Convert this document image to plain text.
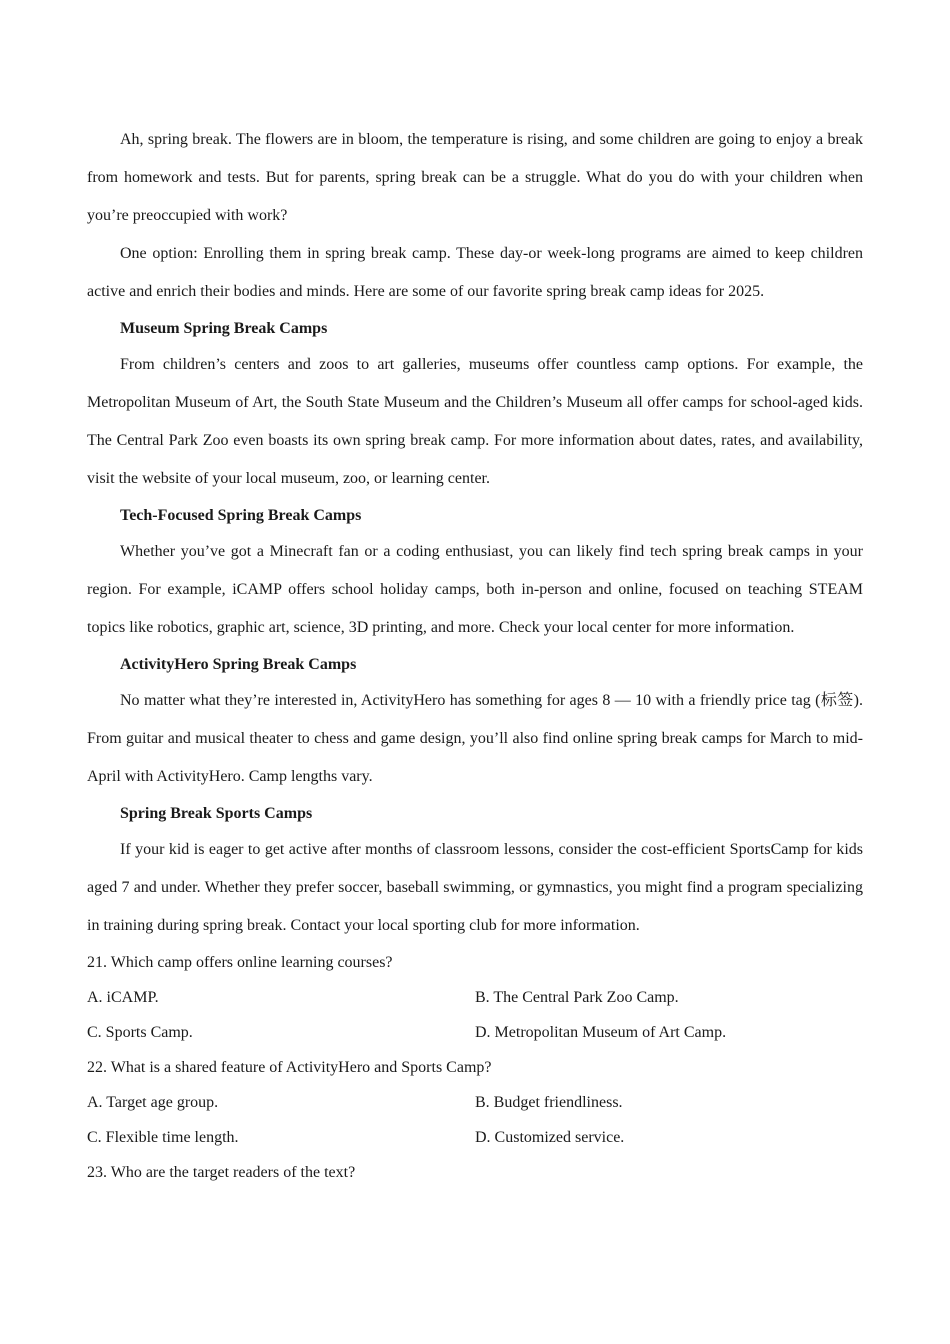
Ah, spring break. The flowers are in bloom, the temperature is rising, and some children are going to enjoy a break from homework and tests. But for parents, spring break can be a struggle. What do you do with your children when you’re preoccupied with work?

One option: Enrolling them in spring break camp. These day-or week-long programs are aimed to keep children active and enrich their bodies and minds. Here are some of our favorite spring break camp ideas for 2025.

Museum Spring Break Camps

From children’s centers and zoos to art galleries, museums offer countless camp options. For example, the Metropolitan Museum of Art, the South State Museum and the Children’s Museum all offer camps for school-aged kids. The Central Park Zoo even boasts its own spring break camp. For more information about dates, rates, and availability, visit the website of your local museum, zoo, or learning center.

Tech-Focused Spring Break Camps

Whether you’ve got a Minecraft fan or a coding enthusiast, you can likely find tech spring break camps in your region. For example, iCAMP offers school holiday camps, both in-person and online, focused on teaching STEAM topics like robotics, graphic art, science, 3D printing, and more. Check your local center for more information.

ActivityHero Spring Break Camps

No matter what they’re interested in, ActivityHero has something for ages 8 — 10 with a friendly price tag (标签). From guitar and musical theater to chess and game design, you’ll also find online spring break camps for March to mid-April with ActivityHero. Camp lengths vary.

Spring Break Sports Camps

If your kid is eager to get active after months of classroom lessons, consider the cost-efficient SportsCamp for kids aged 7 and under. Whether they prefer soccer, baseball swimming, or gymnastics, you might find a program specializing in training during spring break. Contact your local sporting club for more information.

21. Which camp offers online learning courses?

A. iCAMP.	B. The Central Park Zoo Camp.
C. Sports Camp.	D. Metropolitan Museum of Art Camp.

22. What is a shared feature of ActivityHero and Sports Camp?

A. Target age group.	B. Budget friendliness.
C. Flexible time length.	D. Customized service.

23. Who are the target readers of the text?
